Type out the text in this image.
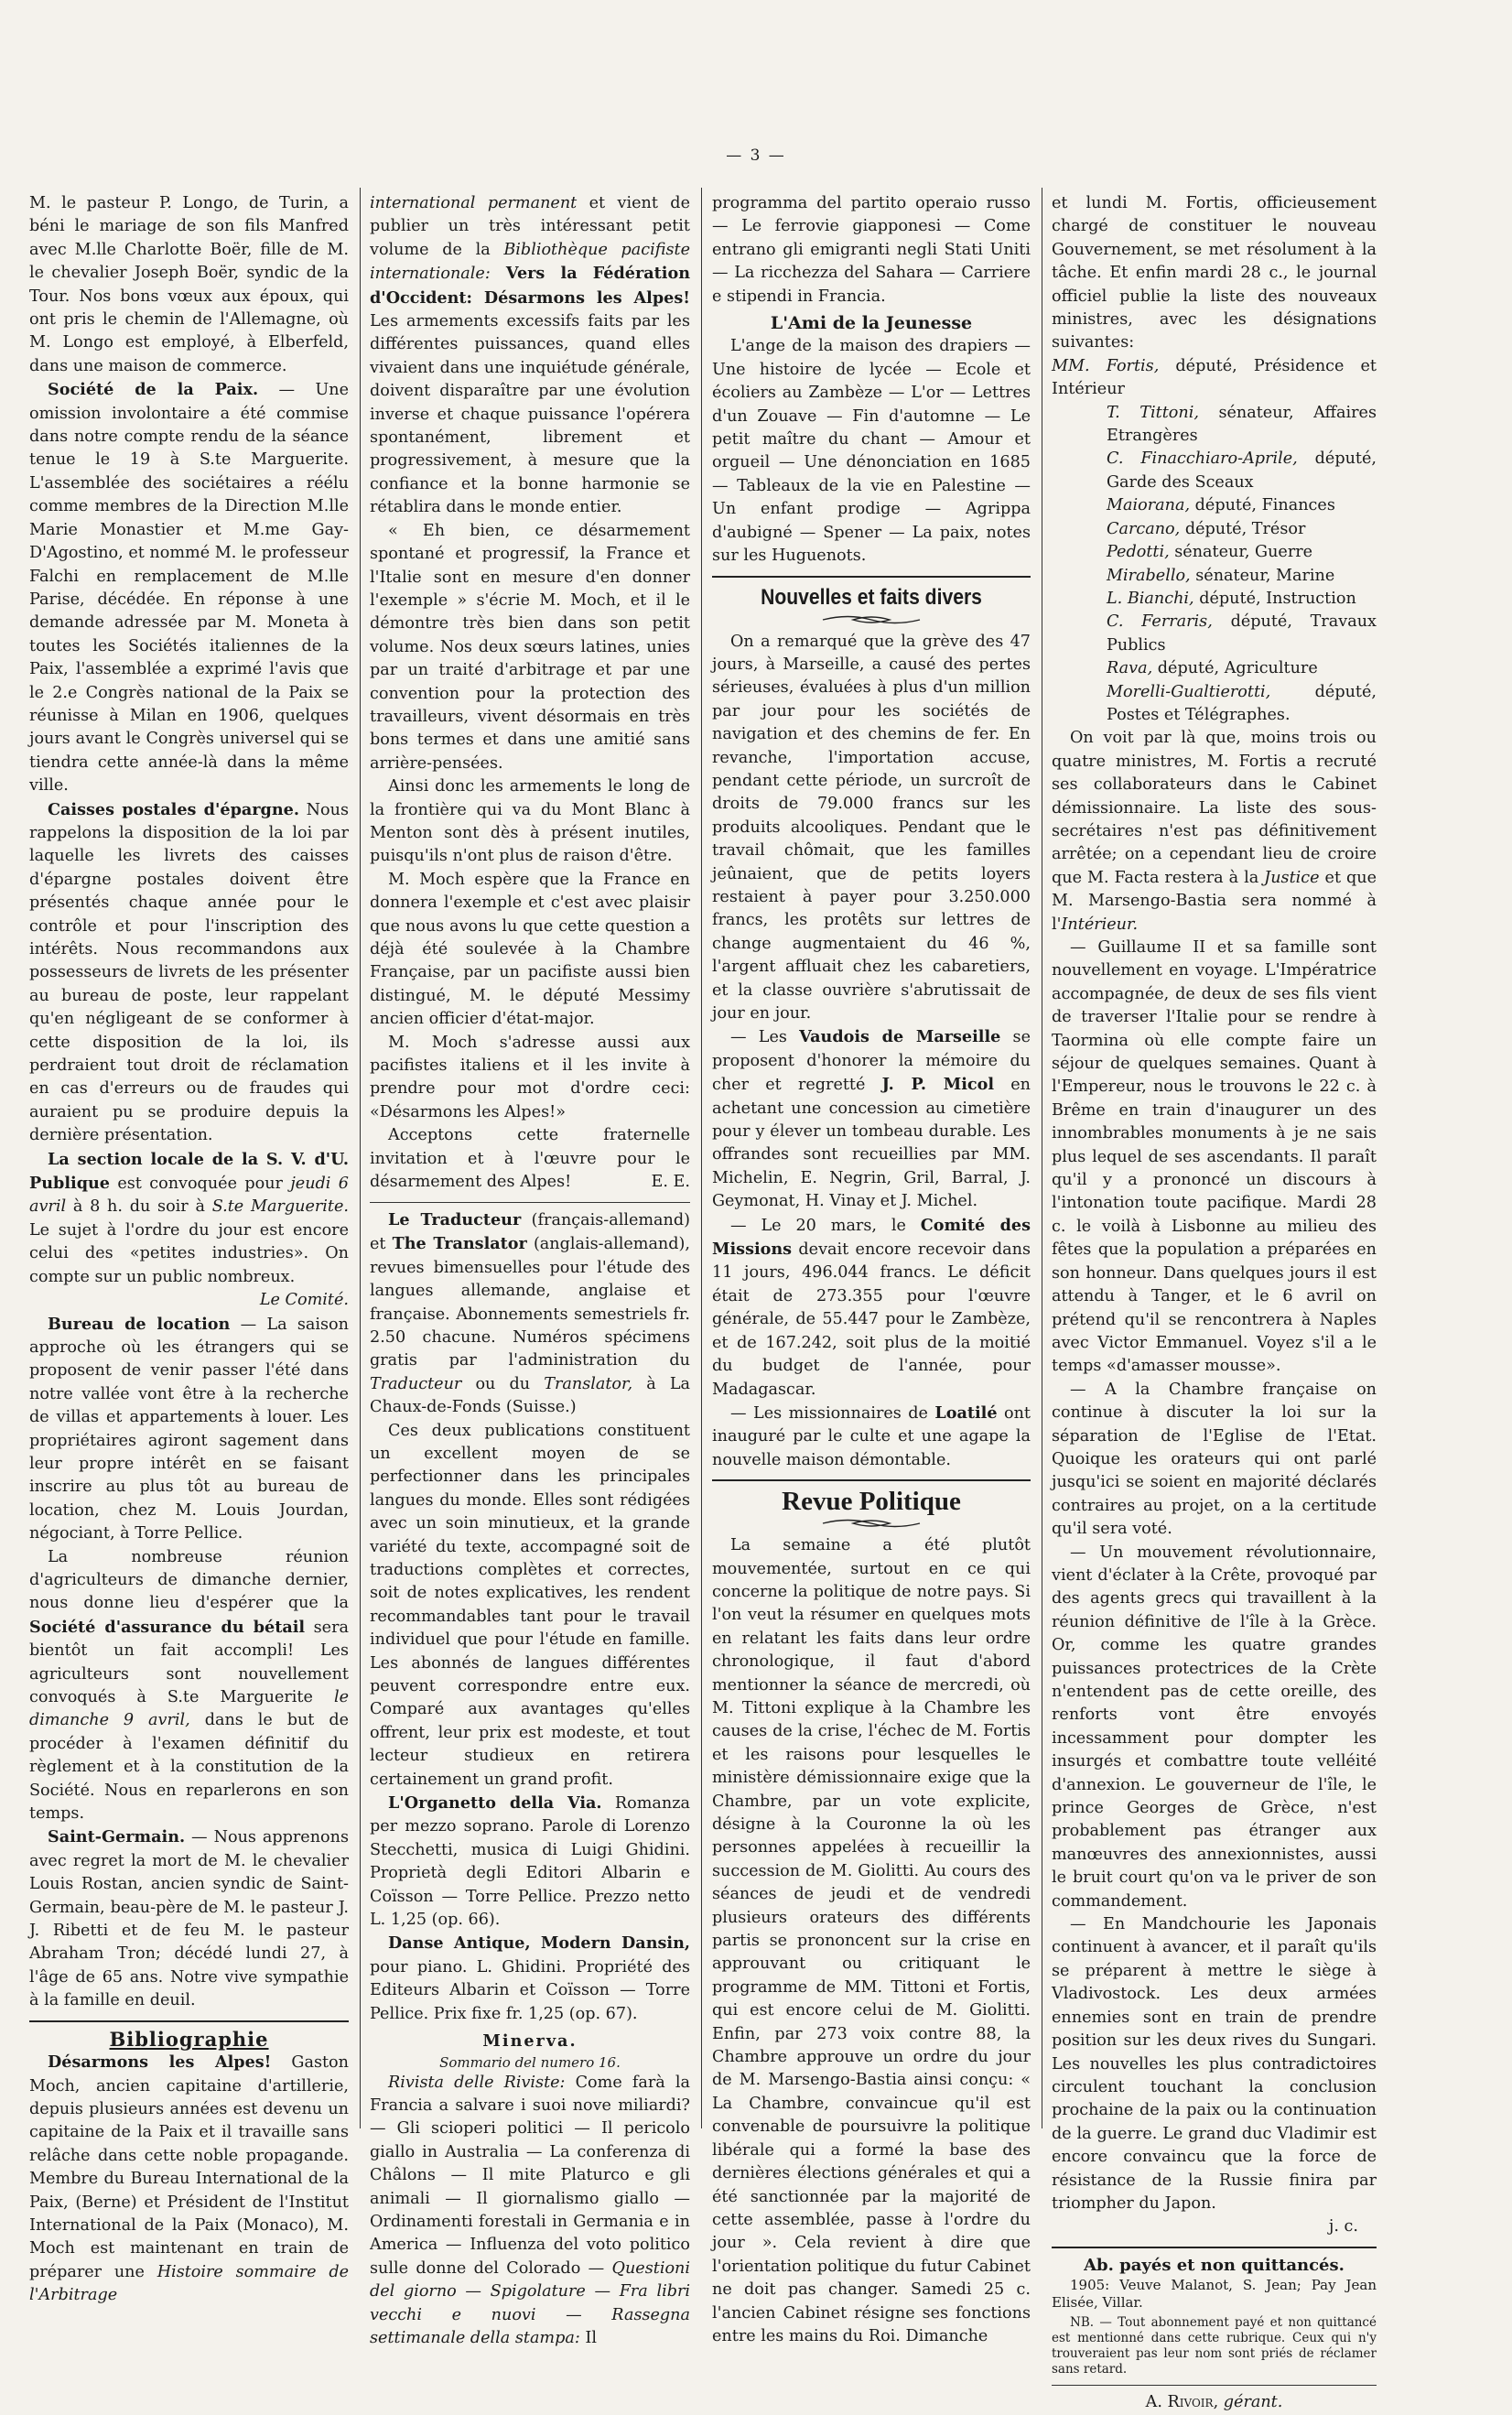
— 3 —

M. le pasteur P. Longo, de Turin, a béni le mariage de son fils Manfred avec M.lle Charlotte Boër, fille de M. le chevalier Joseph Boër, syndic de la Tour. Nos bons vœux aux époux, qui ont pris le chemin de l'Allemagne, où M. Longo est employé, à Elberfeld, dans une maison de commerce.

Société de la Paix. — Une omission involontaire a été commise dans notre compte rendu de la séance tenue le 19 à S.te Marguerite. L'assemblée des sociétaires a réélu comme membres de la Direction M.lle Marie Monastier et M.me Gay-D'Agostino, et nommé M. le professeur Falchi en remplacement de M.lle Parise, décédée. En réponse à une demande adressée par M. Moneta à toutes les Sociétés italiennes de la Paix, l'assemblée a exprimé l'avis que le 2.e Congrès national de la Paix se réunisse à Milan en 1906, quelques jours avant le Congrès universel qui se tiendra cette année-là dans la même ville.

Caisses postales d'épargne. Nous rappelons la disposition de la loi par laquelle les livrets des caisses d'épargne postales doivent être présentés chaque année pour le contrôle et pour l'inscription des intérêts. Nous recommandons aux possesseurs de livrets de les présenter au bureau de poste, leur rappelant qu'en négligeant de se conformer à cette disposition de la loi, ils perdraient tout droit de réclamation en cas d'erreurs ou de fraudes qui auraient pu se produire depuis la dernière présentation.

La section locale de la S. V. d'U. Publique est convoquée pour jeudi 6 avril à 8 h. du soir à S.te Marguerite. Le sujet à l'ordre du jour est encore celui des «petites industries». On compte sur un public nombreux.

Le Comité.

Bureau de location — La saison approche où les étrangers qui se proposent de venir passer l'été dans notre vallée vont être à la recherche de villas et appartements à louer. Les propriétaires agiront sagement dans leur propre intérêt en se faisant inscrire au plus tôt au bureau de location, chez M. Louis Jourdan, négociant, à Torre Pellice.

La nombreuse réunion d'agriculteurs de dimanche dernier, nous donne lieu d'espérer que la Société d'assurance du bétail sera bientôt un fait accompli! Les agriculteurs sont nouvellement convoqués à S.te Marguerite le dimanche 9 avril, dans le but de procéder à l'examen définitif du règlement et à la constitution de la Société. Nous en reparlerons en son temps.

Saint-Germain. — Nous apprenons avec regret la mort de M. le chevalier Louis Rostan, ancien syndic de Saint-Germain, beau-père de M. le pasteur J. J. Ribetti et de feu M. le pasteur Abraham Tron; décédé lundi 27, à l'âge de 65 ans. Notre vive sympathie à la famille en deuil.

Bibliographie

Désarmons les Alpes! Gaston Moch, ancien capitaine d'artillerie, depuis plusieurs années est devenu un capitaine de la Paix et il travaille sans relâche dans cette noble propagande. Membre du Bureau International de la Paix, (Berne) et Président de l'Institut International de la Paix (Monaco), M. Moch est maintenant en train de préparer une Histoire sommaire de l'Arbitrage

international permanent et vient de publier un très intéressant petit volume de la Bibliothèque pacifiste internationale: Vers la Fédération d'Occident: Désarmons les Alpes! Les armements excessifs faits par les différentes puissances, quand elles vivaient dans une inquiétude générale, doivent disparaître par une évolution inverse et chaque puissance l'opérera spontanément, librement et progressivement, à mesure que la confiance et la bonne harmonie se rétablira dans le monde entier.

« Eh bien, ce désarmement spontané et progressif, la France et l'Italie sont en mesure d'en donner l'exemple » s'écrie M. Moch, et il le démontre très bien dans son petit volume. Nos deux sœurs latines, unies par un traité d'arbitrage et par une convention pour la protection des travailleurs, vivent désormais en très bons termes et dans une amitié sans arrière-pensées.

Ainsi donc les armements le long de la frontière qui va du Mont Blanc à Menton sont dès à présent inutiles, puisqu'ils n'ont plus de raison d'être.

M. Moch espère que la France en donnera l'exemple et c'est avec plaisir que nous avons lu que cette question a déjà été soulevée à la Chambre Française, par un pacifiste aussi bien distingué, M. le député Messimy ancien officier d'état-major.

M. Moch s'adresse aussi aux pacifistes italiens et il les invite à prendre pour mot d'ordre ceci: «Désarmons les Alpes!»

Acceptons cette fraternelle invitation et à l'œuvre pour le désarmement des Alpes!	E. E.

Le Traducteur (français-allemand) et The Translator (anglais-allemand), revues bimensuelles pour l'étude des langues allemande, anglaise et française. Abonnements semestriels fr. 2.50 chacune. Numéros spécimens gratis par l'administration du Traducteur ou du Translator, à La Chaux-de-Fonds (Suisse.)

Ces deux publications constituent un excellent moyen de se perfectionner dans les principales langues du monde. Elles sont rédigées avec un soin minutieux, et la grande variété du texte, accompagné soit de traductions complètes et correctes, soit de notes explicatives, les rendent recommandables tant pour le travail individuel que pour l'étude en famille. Les abonnés de langues différentes peuvent correspondre entre eux. Comparé aux avantages qu'elles offrent, leur prix est modeste, et tout lecteur studieux en retirera certainement un grand profit.

L'Organetto della Via. Romanza per mezzo soprano. Parole di Lorenzo Stecchetti, musica di Luigi Ghidini. Proprietà degli Editori Albarin e Coïsson — Torre Pellice. Prezzo netto L. 1,25 (op. 66).

Danse Antique, Modern Dansin, pour piano. L. Ghidini. Propriété des Editeurs Albarin et Coïsson — Torre Pellice. Prix fixe fr. 1,25 (op. 67).

Minerva.
Sommario del numero 16.

Rivista delle Riviste: Come farà la Francia a salvare i suoi nove miliardi? — Gli scioperi politici — Il pericolo giallo in Australia — La conferenza di Châlons — Il mite Platurco e gli animali — Il giornalismo giallo — Ordinamenti forestali in Germania e in America — Influenza del voto politico sulle donne del Colorado — Questioni del giorno — Spigolature — Fra libri vecchi e nuovi — Rassegna settimanale della stampa: Il

programma del partito operaio russo — Le ferrovie giapponesi — Come entrano gli emigranti negli Stati Uniti — La ricchezza del Sahara — Carriere e stipendi in Francia.

L'Ami de la Jeunesse

L'ange de la maison des drapiers — Une histoire de lycée — Ecole et écoliers au Zambèze — L'or — Lettres d'un Zouave — Fin d'automne — Le petit maître du chant — Amour et orgueil — Une dénonciation en 1685 — Tableaux de la vie en Palestine — Un enfant prodige — Agrippa d'aubigné — Spener — La paix, notes sur les Huguenots.

Nouvelles et faits divers

On a remarqué que la grève des 47 jours, à Marseille, a causé des pertes sérieuses, évaluées à plus d'un million par jour pour les sociétés de navigation et des chemins de fer. En revanche, l'importation accuse, pendant cette période, un surcroît de droits de 79.000 francs sur les produits alcooliques. Pendant que le travail chômait, que les familles jeûnaient, que de petits loyers restaient à payer pour 3.250.000 francs, les protêts sur lettres de change augmentaient du 46 %, l'argent affluait chez les cabaretiers, et la classe ouvrière s'abrutissait de jour en jour.

— Les Vaudois de Marseille se proposent d'honorer la mémoire du cher et regretté J. P. Micol en achetant une concession au cimetière pour y élever un tombeau durable. Les offrandes sont recueillies par MM. Michelin, E. Negrin, Gril, Barral, J. Geymonat, H. Vinay et J. Michel.

— Le 20 mars, le Comité des Missions devait encore recevoir dans 11 jours, 496.044 francs. Le déficit était de 273.355 pour l'œuvre générale, de 55.447 pour le Zambèze, et de 167.242, soit plus de la moitié du budget de l'année, pour Madagascar.

— Les missionnaires de Loatilé ont inauguré par le culte et une agape la nouvelle maison démontable.

Revue Politique

La semaine a été plutôt mouvementée, surtout en ce qui concerne la politique de notre pays. Si l'on veut la résumer en quelques mots en relatant les faits dans leur ordre chronologique, il faut d'abord mentionner la séance de mercredi, où M. Tittoni explique à la Chambre les causes de la crise, l'échec de M. Fortis et les raisons pour lesquelles le ministère démissionnaire exige que la Chambre, par un vote explicite, désigne à la Couronne la où les personnes appelées à recueillir la succession de M. Giolitti. Au cours des séances de jeudi et de vendredi plusieurs orateurs des différents partis se prononcent sur la crise en approuvant ou critiquant le programme de MM. Tittoni et Fortis, qui est encore celui de M. Giolitti. Enfin, par 273 voix contre 88, la Chambre approuve un ordre du jour de M. Marsengo-Bastia ainsi conçu: « La Chambre, convaincue qu'il est convenable de poursuivre la politique libérale qui a formé la base des dernières élections générales et qui a été sanctionnée par la majorité de cette assemblée, passe à l'ordre du jour ». Cela revient à dire que l'orientation politique du futur Cabinet ne doit pas changer. Samedi 25 c. l'ancien Cabinet résigne ses fonctions entre les mains du Roi. Dimanche

et lundi M. Fortis, officieusement chargé de constituer le nouveau Gouvernement, se met résolument à la tâche. Et enfin mardi 28 c., le journal officiel publie la liste des nouveaux ministres, avec les désignations suivantes:

MM. Fortis, député, Présidence et Intérieur

T. Tittoni, sénateur, Affaires Etrangères

C. Finacchiaro-Aprile, député, Garde des Sceaux

Maiorana, député, Finances

Carcano, député, Trésor

Pedotti, sénateur, Guerre

Mirabello, sénateur, Marine

L. Bianchi, député, Instruction

C. Ferraris, député, Travaux Publics

Rava, député, Agriculture

Morelli-Gualtierotti, député, Postes et Télégraphes.

On voit par là que, moins trois ou quatre ministres, M. Fortis a recruté ses collaborateurs dans le Cabinet démissionnaire. La liste des sous-secrétaires n'est pas définitivement arrêtée; on a cependant lieu de croire que M. Facta restera à la Justice et que M. Marsengo-Bastia sera nommé à l'Intérieur.

— Guillaume II et sa famille sont nouvellement en voyage. L'Impératrice accompagnée, de deux de ses fils vient de traverser l'Italie pour se rendre à Taormina où elle compte faire un séjour de quelques semaines. Quant à l'Empereur, nous le trouvons le 22 c. à Brême en train d'inaugurer un des innombrables monuments à je ne sais plus lequel de ses ascendants. Il paraît qu'il y a prononcé un discours à l'intonation toute pacifique. Mardi 28 c. le voilà à Lisbonne au milieu des fêtes que la population a préparées en son honneur. Dans quelques jours il est attendu à Tanger, et le 6 avril on prétend qu'il se rencontrera à Naples avec Victor Emmanuel. Voyez s'il a le temps «d'amasser mousse».

— A la Chambre française on continue à discuter la loi sur la séparation de l'Eglise de l'Etat. Quoique les orateurs qui ont parlé jusqu'ici se soient en majorité déclarés contraires au projet, on a la certitude qu'il sera voté.

— Un mouvement révolutionnaire, vient d'éclater à la Crête, provoqué par des agents grecs qui travaillent à la réunion définitive de l'île à la Grèce. Or, comme les quatre grandes puissances protectrices de la Crète n'entendent pas de cette oreille, des renforts vont être envoyés incessamment pour dompter les insurgés et combattre toute velléité d'annexion. Le gouverneur de l'île, le prince Georges de Grèce, n'est probablement pas étranger aux manœuvres des annexionnistes, aussi le bruit court qu'on va le priver de son commandement.

— En Mandchourie les Japonais continuent à avancer, et il paraît qu'ils se préparent à mettre le siège à Vladivostock. Les deux armées ennemies sont en train de prendre position sur les deux rives du Sungari. Les nouvelles les plus contradictoires circulent touchant la conclusion prochaine de la paix ou la continuation de la guerre. Le grand duc Vladimir est encore convaincu que la force de résistance de la Russie finira par triompher du Japon.

j. c.

Ab. payés et non quittancés.

1905: Veuve Malanot, S. Jean; Pay Jean Elisée, Villar.

NB. — Tout abonnement payé et non quittancé est mentionné dans cette rubrique. Ceux qui n'y trouveraient pas leur nom sont priés de réclamer sans retard.

A. Rivoir, gérant.
